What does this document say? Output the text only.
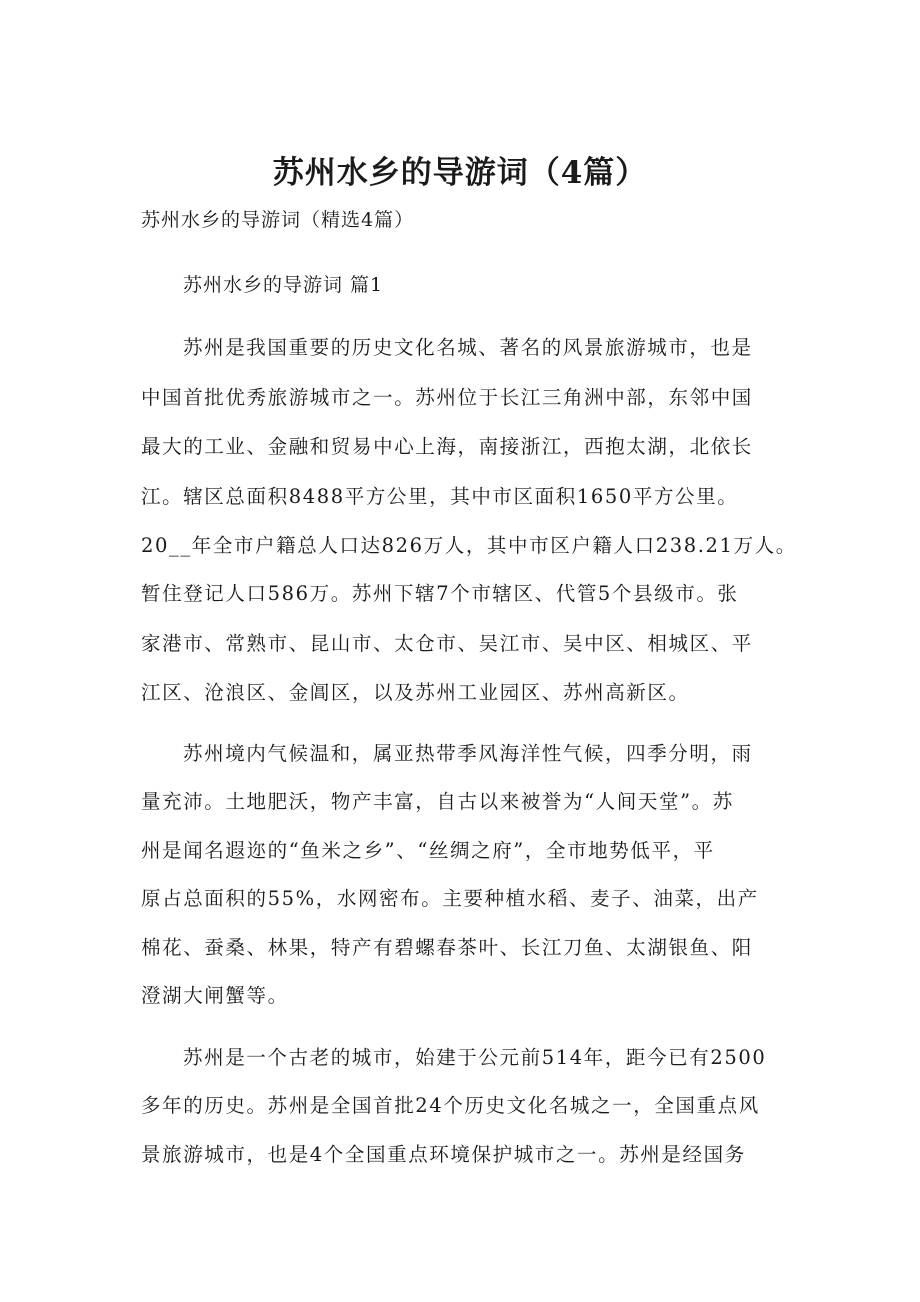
苏州水乡的导游词（4篇）
苏州水乡的导游词（精选4篇）
苏州水乡的导游词 篇1
苏州是我国重要的历史文化名城、著名的风景旅游城市，也是
中国首批优秀旅游城市之一。苏州位于长江三角洲中部，东邻中国
最大的工业、金融和贸易中心上海，南接浙江，西抱太湖，北依长
江。辖区总面积8488平方公里，其中市区面积1650平方公里。
20__年全市户籍总人口达826万人，其中市区户籍人口238.21万人。
暂住登记人口586万。苏州下辖7个市辖区、代管5个县级市。张
家港市、常熟市、昆山市、太仓市、吴江市、吴中区、相城区、平
江区、沧浪区、金阊区，以及苏州工业园区、苏州高新区。
苏州境内气候温和，属亚热带季风海洋性气候，四季分明，雨
量充沛。土地肥沃，物产丰富，自古以来被誉为“人间天堂”。苏
州是闻名遐迩的“鱼米之乡”、“丝绸之府”，全市地势低平，平
原占总面积的55%，水网密布。主要种植水稻、麦子、油菜，出产
棉花、蚕桑、林果，特产有碧螺春茶叶、长江刀鱼、太湖银鱼、阳
澄湖大闸蟹等。
苏州是一个古老的城市，始建于公元前514年，距今已有2500
多年的历史。苏州是全国首批24个历史文化名城之一，全国重点风
景旅游城市，也是4个全国重点环境保护城市之一。苏州是经国务
